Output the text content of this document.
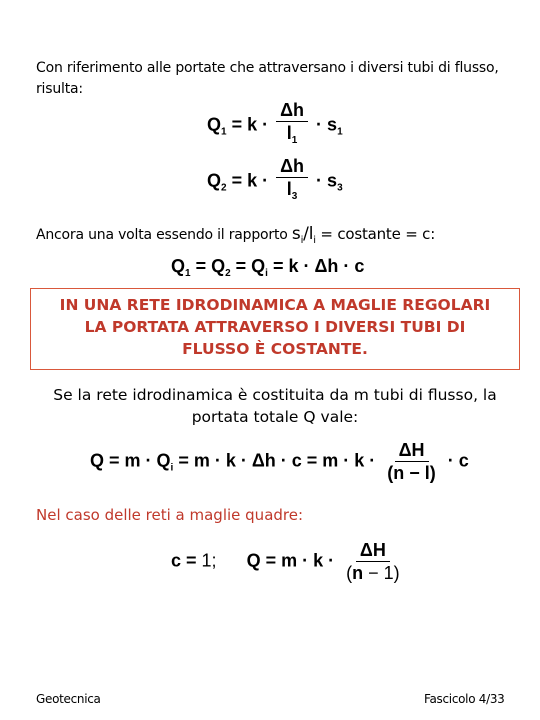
Con riferimento alle portate che attraversano i diversi tubi di flusso,
risulta:
$Q_1 = k \cdot \frac{\Delta h}{l_1} \cdot s_1$
$Q_2 = k \cdot \frac{\Delta h}{l_3} \cdot s_3$
Ancora una volta essendo il rapporto $s_i/l_i$ = costante = c:
$Q_1 = Q_2 = Q_i = k \cdot \Delta h \cdot c$
IN UNA RETE IDRODINAMICA A MAGLIE REGOLARI
LA PORTATA ATTRAVERSO I DIVERSI TUBI DI
FLUSSO È COSTANTE.
Se la rete idrodinamica è costituita da m tubi di flusso, la
portata totale Q vale:
$Q = m \cdot Q_i = m \cdot k \cdot \Delta h \cdot c = m \cdot k \cdot \frac{\Delta H}{(n - l)} \cdot c$
Nel caso delle reti a maglie quadre:
c = 1; $Q = m \cdot k \cdot \frac{\Delta H}{(n - 1)}$
Geotecnica	Fascicolo 4/33
